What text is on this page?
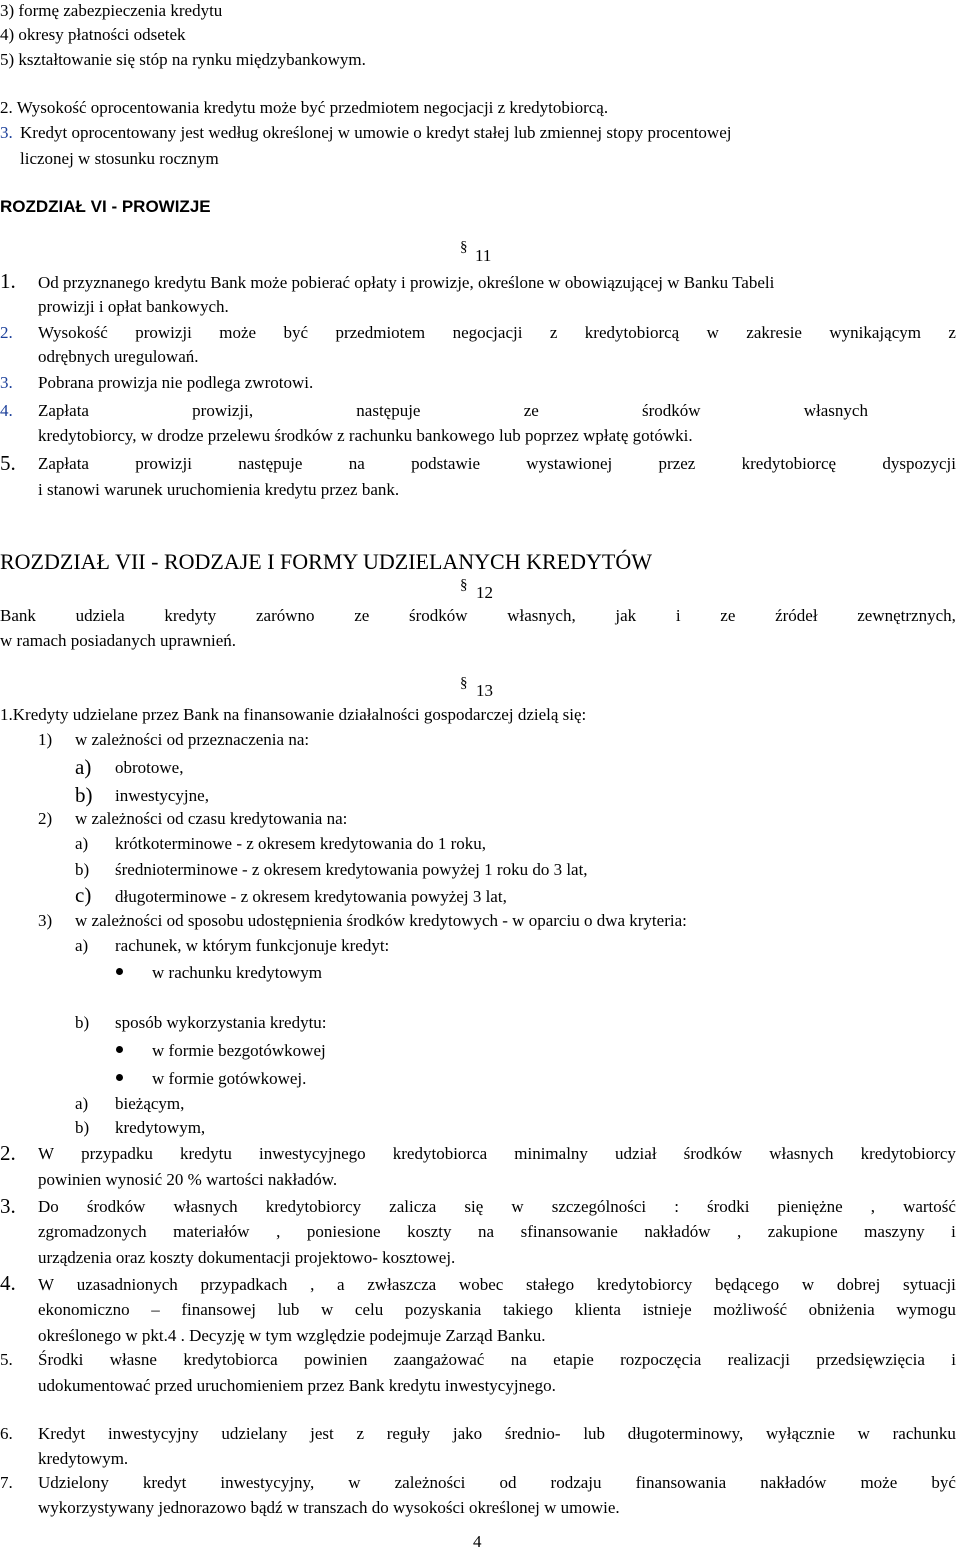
3) formę zabezpieczenia kredytu
4) okresy płatności odsetek
5) kształtowanie się stóp na rynku międzybankowym.
2. Wysokość oprocentowania kredytu może być przedmiotem negocjacji z kredytobiorcą.
3. Kredyt oprocentowany jest według określonej w umowie o kredyt stałej lub zmiennej stopy procentowej
liczonej w stosunku rocznym
ROZDZIAŁ VI - PROWIZJE
§ 11
1. Od przyznanego kredytu Bank może pobierać opłaty i prowizje, określone w obowiązującej w Banku Tabeli
prowizji i opłat bankowych.
2. Wysokość prowizji może być przedmiotem negocjacji z kredytobiorcą w zakresie wynikającym z
odrębnych uregulowań.
3. Pobrana prowizja nie podlega zwrotowi.
4. Zapłata	prowizji,	następuje	ze	środków	własnych
kredytobiorcy, w drodze przelewu środków z rachunku bankowego lub poprzez wpłatę gotówki.
5. Zapłata	prowizji	następuje	na	podstawie	wystawionej	przez	kredytobiorcę	dyspozycji
i stanowi warunek uruchomienia kredytu przez bank.
ROZDZIAŁ VII - RODZAJE I FORMY UDZIELANYCH KREDYTÓW
§ 12
Bank udziela kredyty zarówno ze środków własnych, jak i ze źródeł zewnętrznych,
w ramach posiadanych uprawnień.
§ 13
1.Kredyty udzielane przez Bank na finansowanie działalności gospodarczej dzielą się:
1) w zależności od przeznaczenia na:
a) obrotowe,
b) inwestycyjne,
2) w zależności od czasu kredytowania na:
a) krótkoterminowe - z okresem kredytowania do 1 roku,
b) średnioterminowe - z okresem kredytowania powyżej 1 roku do 3 lat,
c) długoterminowe - z okresem kredytowania powyżej 3 lat,
3) w zależności od sposobu udostępnienia środków kredytowych - w oparciu o dwa kryteria:
a) rachunek, w którym funkcjonuje kredyt:
w rachunku kredytowym
b) sposób wykorzystania kredytu:
w formie bezgotówkowej
w formie gotówkowej.
a) bieżącym,
b) kredytowym,
2. W przypadku kredytu inwestycyjnego kredytobiorca minimalny udział środków własnych kredytobiorcy
powinien wynosić 20 % wartości nakładów.
3. Do środków własnych kredytobiorcy zalicza się w szczególności : środki pieniężne , wartość
zgromadzonych materiałów , poniesione koszty na sfinansowanie nakładów , zakupione maszyny i
urządzenia oraz koszty dokumentacji projektowo- kosztowej.
4. W uzasadnionych przypadkach , a zwłaszcza wobec stałego kredytobiorcy będącego w dobrej sytuacji
ekonomiczno – finansowej lub w celu pozyskania takiego klienta istnieje możliwość obniżenia wymogu
określonego w pkt.4 . Decyzję w tym względzie podejmuje Zarząd Banku.
5. Środki własne kredytobiorca powinien zaangażować na etapie rozpoczęcia realizacji przedsięwzięcia i
udokumentować przed uruchomieniem przez Bank kredytu inwestycyjnego.
6. Kredyt inwestycyjny udzielany jest z reguły jako średnio- lub długoterminowy, wyłącznie w rachunku
kredytowym.
7. Udzielony kredyt inwestycyjny, w zależności od rodzaju finansowania nakładów może być
wykorzystywany jednorazowo bądź w transzach do wysokości określonej w umowie.
4
